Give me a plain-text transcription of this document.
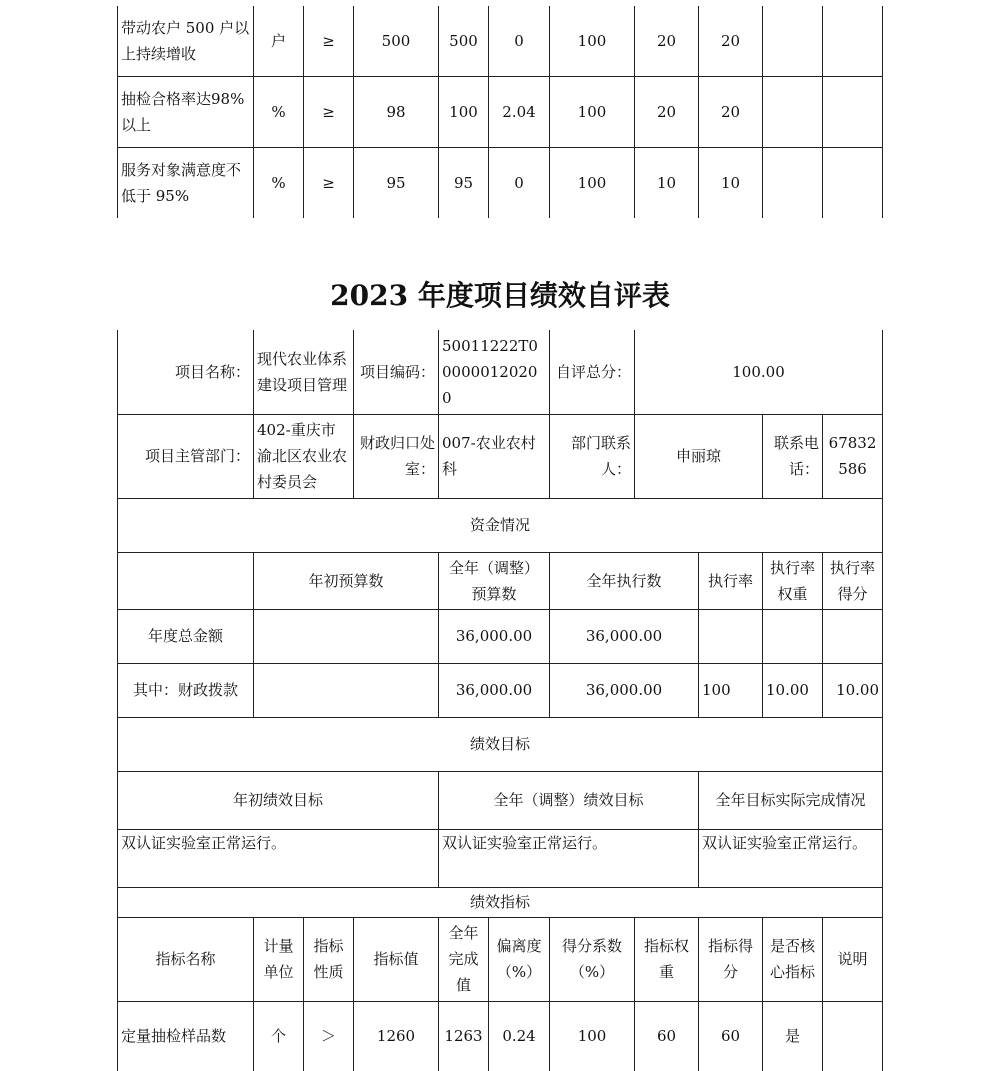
带动农户 500 户以上持续增收	户	≥	500	500	0	100	20	20		
抽检合格率达98%以上	%	≥	98	100	2.04	100	20	20		
服务对象满意度不低于 95%	%	≥	95	95	0	100	10	10		
2023 年度项目绩效自评表
项目名称：	现代农业体系建设项目管理		项目编码：	50011222T000000120200		自评总分：	100.00			
项目主管部门：	402-重庆市渝北区农业农村委员会		财政归口处室：	007-农业农村科		部门联系人：	申丽琼		联系电话：	67832586
资金情况										
	年初预算数			全年（调整）预算数		全年执行数		执行率	执行率权重	执行率得分
年度总金额				36,000.00		36,000.00				
其中：财政拨款				36,000.00		36,000.00		100	10.00	10.00
绩效目标										
年初绩效目标				全年（调整）绩效目标				全年目标实际完成情况		
双认证实验室正常运行。				双认证实验室正常运行。				双认证实验室正常运行。		
绩效指标										
指标名称	计量单位	指标性质	指标值	全年完成值	偏离度（%）	得分系数（%）	指标权重	指标得分	是否核心指标	说明
定量抽检样品数	个	＞	1260	1263	0.24	100	60	60	是	
